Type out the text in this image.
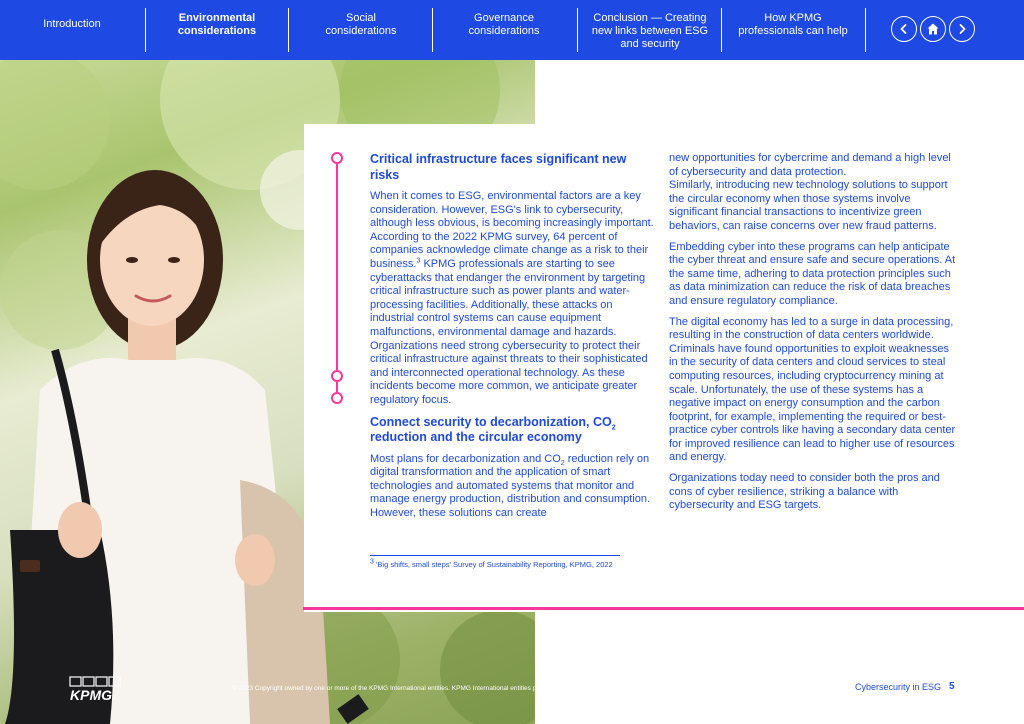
Introduction	Environmental
considerations
Social
considerations
Governance
considerations
Conclusion — Creating
new links between ESG
and security
How KPMG
professionals can help
Critical infrastructure faces significant new risks

When it comes to ESG, environmental factors are a key consideration. However, ESG's link to cybersecurity, although less obvious, is becoming increasingly important. According to the 2022 KPMG survey, 64 percent of companies acknowledge climate change as a risk to their business.$^3$ KPMG professionals are starting to see cyberattacks that endanger the environment by targeting critical infrastructure such as power plants and water-processing facilities. Additionally, these attacks on industrial control systems can cause equipment malfunctions, environmental damage and hazards. Organizations need strong cybersecurity to protect their critical infrastructure against threats to their sophisticated and interconnected operational technology. As these incidents become more common, we anticipate greater regulatory focus.

Connect security to decarbonization, $CO_2$ reduction and the circular economy

Most plans for decarbonization and $CO_2$ reduction rely on digital transformation and the application of smart technologies and automated systems that monitor and manage energy production, distribution and consumption. However, these solutions can create

new opportunities for cybercrime and demand a high level of cybersecurity and data protection.

Similarly, introducing new technology solutions to support the circular economy when those systems involve significant financial transactions to incentivize green behaviors, can raise concerns over new fraud patterns.

Embedding cyber into these programs can help anticipate the cyber threat and ensure safe and secure operations. At the same time, adhering to data protection principles such as data minimization can reduce the risk of data breaches and ensure regulatory compliance.

The digital economy has led to a surge in data processing, resulting in the construction of data centers worldwide. Criminals have found opportunities to exploit weaknesses in the security of data centers and cloud services to steal computing resources, including cryptocurrency mining at scale. Unfortunately, the use of these systems has a negative impact on energy consumption and the carbon footprint, for example, implementing the required or best-practice cyber controls like having a secondary data center for improved resilience can lead to higher use of resources and energy.

Organizations today need to consider both the pros and cons of cyber resilience, striking a balance with cybersecurity and ESG targets.

$^3$ 'Big shifts, small steps' Survey of Sustainability Reporting, KPMG, 2022
KPMG	© 2023 Copyright owned by one or more of the KPMG International entities. KPMG International entities provide no services to clients. All rights reserved.	Cybersecurity in ESG 5
